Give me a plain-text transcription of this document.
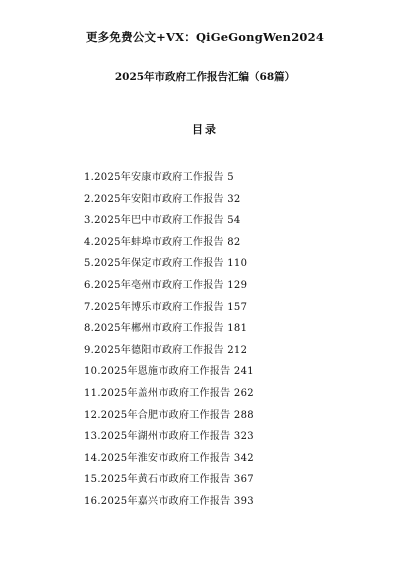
更多免费公文+VX：QiGeGongWen2024
2025年市政府工作报告汇编（68篇）
目录
1.2025年安康市政府工作报告 5
2.2025年安阳市政府工作报告 32
3.2025年巴中市政府工作报告 54
4.2025年蚌埠市政府工作报告 82
5.2025年保定市政府工作报告 110
6.2025年亳州市政府工作报告 129
7.2025年博乐市政府工作报告 157
8.2025年郴州市政府工作报告 181
9.2025年德阳市政府工作报告 212
10.2025年恩施市政府工作报告 241
11.2025年盖州市政府工作报告 262
12.2025年合肥市政府工作报告 288
13.2025年湖州市政府工作报告 323
14.2025年淮安市政府工作报告 342
15.2025年黄石市政府工作报告 367
16.2025年嘉兴市政府工作报告 393
